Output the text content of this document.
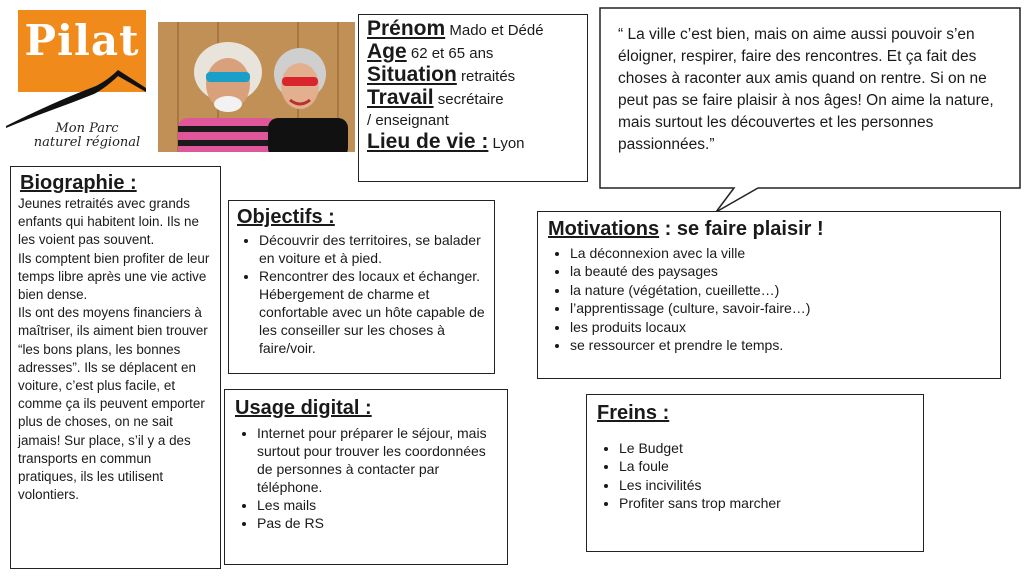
Pilat
Mon Parc
naturel régional
Prénom Mado et Dédé
Age 62 et 65 ans
Situation retraités
Travail secrétaire
/ enseignant
Lieu de vie : Lyon
“ La ville c’est bien, mais on aime aussi pouvoir s’en éloigner, respirer, faire des rencontres. Et ça fait des choses à raconter aux amis quand on rentre. Si on ne peut pas se faire plaisir à nos âges! On aime la nature, mais surtout les découvertes et les personnes passionnées.”
Biographie :

Jeunes retraités avec grands enfants qui habitent loin. Ils ne les voient pas souvent.

Ils comptent bien profiter de leur temps libre après une vie active bien dense.

Ils ont des moyens financiers à maîtriser, ils aiment bien trouver “les bons plans, les bonnes adresses”. Ils se déplacent en voiture, c’est plus facile, et comme ça ils peuvent emporter plus de choses, on ne sait jamais! Sur place, s’il y a des transports en commun pratiques, ils les utilisent volontiers.

Objectifs :
• Découvrir des territoires, se balader en voiture et à pied.
• Rencontrer des locaux et échanger. Hébergement de charme et confortable avec un hôte capable de les conseiller sur les choses à faire/voir.
Usage digital :
• Internet pour préparer le séjour, mais surtout pour trouver les coordonnées de personnes à contacter par téléphone.
• Les mails
• Pas de RS
Motivations : se faire plaisir !
• La déconnexion avec la ville
• la beauté des paysages
• la nature (végétation, cueillette…)
• l’apprentissage (culture, savoir-faire…)
• les produits locaux
• se ressourcer et prendre le temps.
Freins :
• Le Budget
• La foule
• Les incivilités
• Profiter sans trop marcher
